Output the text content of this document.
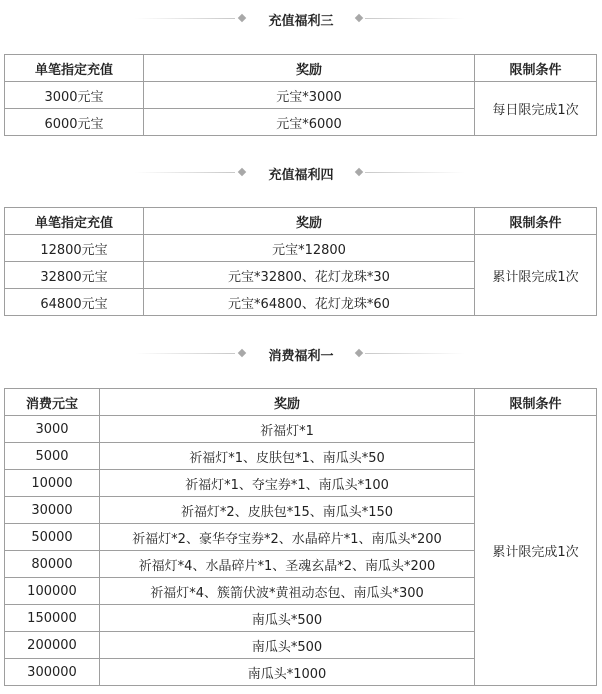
充值福利三
单笔指定充值	奖励	限制条件
3000元宝	元宝*3000	每日限完成1次
6000元宝	元宝*6000	
充值福利四
单笔指定充值	奖励	限制条件
12800元宝	元宝*12800	累计限完成1次
32800元宝	元宝*32800、花灯龙珠*30	
64800元宝	元宝*64800、花灯龙珠*60	
消费福利一
消费元宝	奖励	限制条件
3000	祈福灯*1	累计限完成1次
5000	祈福灯*1、皮肤包*1、南瓜头*50	
10000	祈福灯*1、夺宝券*1、南瓜头*100	
30000	祈福灯*2、皮肤包*15、南瓜头*150	
50000	祈福灯*2、豪华夺宝券*2、水晶碎片*1、南瓜头*200	
80000	祈福灯*4、水晶碎片*1、圣魂玄晶*2、南瓜头*200	
100000	祈福灯*4、簇箭伏波*黄祖动态包、南瓜头*300	
150000	南瓜头*500	
200000	南瓜头*500	
300000	南瓜头*1000	
